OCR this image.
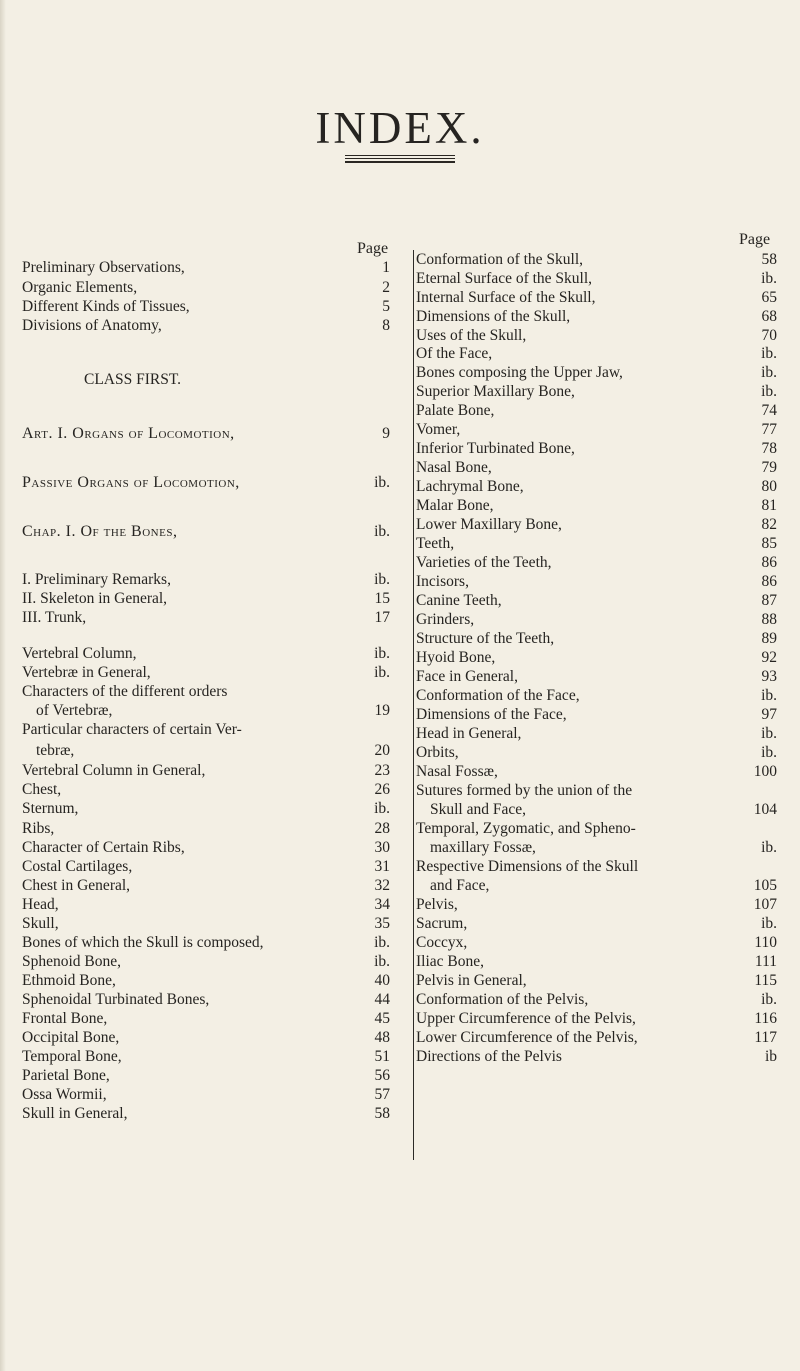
INDEX.
Page
Preliminary Observations,	1
Organic Elements,	2
Different Kinds of Tissues,	5
Divisions of Anatomy,	8
CLASS FIRST.
Art. I. Organs of Locomotion,	9
Passive Organs of Locomotion,	ib.
Chap. I. Of the Bones,	ib.
I. Preliminary Remarks,	ib.
II. Skeleton in General,	15
III. Trunk,	17
Vertebral Column,	ib.
Vertebræ in General,	ib.
Characters of the different orders
of Vertebræ,	19
Particular characters of certain Ver-
tebræ,	20
Vertebral Column in General,	23
Chest,	26
Sternum,	ib.
Ribs,	28
Character of Certain Ribs,	30
Costal Cartilages,	31
Chest in General,	32
Head,	34
Skull,	35
Bones of which the Skull is composed,	ib.
Sphenoid Bone,	ib.
Ethmoid Bone,	40
Sphenoidal Turbinated Bones,	44
Frontal Bone,	45
Occipital Bone,	48
Temporal Bone,	51
Parietal Bone,	56
Ossa Wormii,	57
Skull in General,	58
Page
Conformation of the Skull,	58
Eternal Surface of the Skull,	ib.
Internal Surface of the Skull,	65
Dimensions of the Skull,	68
Uses of the Skull,	70
Of the Face,	ib.
Bones composing the Upper Jaw,	ib.
Superior Maxillary Bone,	ib.
Palate Bone,	74
Vomer,	77
Inferior Turbinated Bone,	78
Nasal Bone,	79
Lachrymal Bone,	80
Malar Bone,	81
Lower Maxillary Bone,	82
Teeth,	85
Varieties of the Teeth,	86
Incisors,	86
Canine Teeth,	87
Grinders,	88
Structure of the Teeth,	89
Hyoid Bone,	92
Face in General,	93
Conformation of the Face,	ib.
Dimensions of the Face,	97
Head in General,	ib.
Orbits,	ib.
Nasal Fossæ,	100
Sutures formed by the union of the
Skull and Face,	104
Temporal, Zygomatic, and Spheno-
maxillary Fossæ,	ib.
Respective Dimensions of the Skull
and Face,	105
Pelvis,	107
Sacrum,	ib.
Coccyx,	110
Iliac Bone,	111
Pelvis in General,	115
Conformation of the Pelvis,	ib.
Upper Circumference of the Pelvis,	116
Lower Circumference of the Pelvis,	117
Directions of the Pelvis	ib
